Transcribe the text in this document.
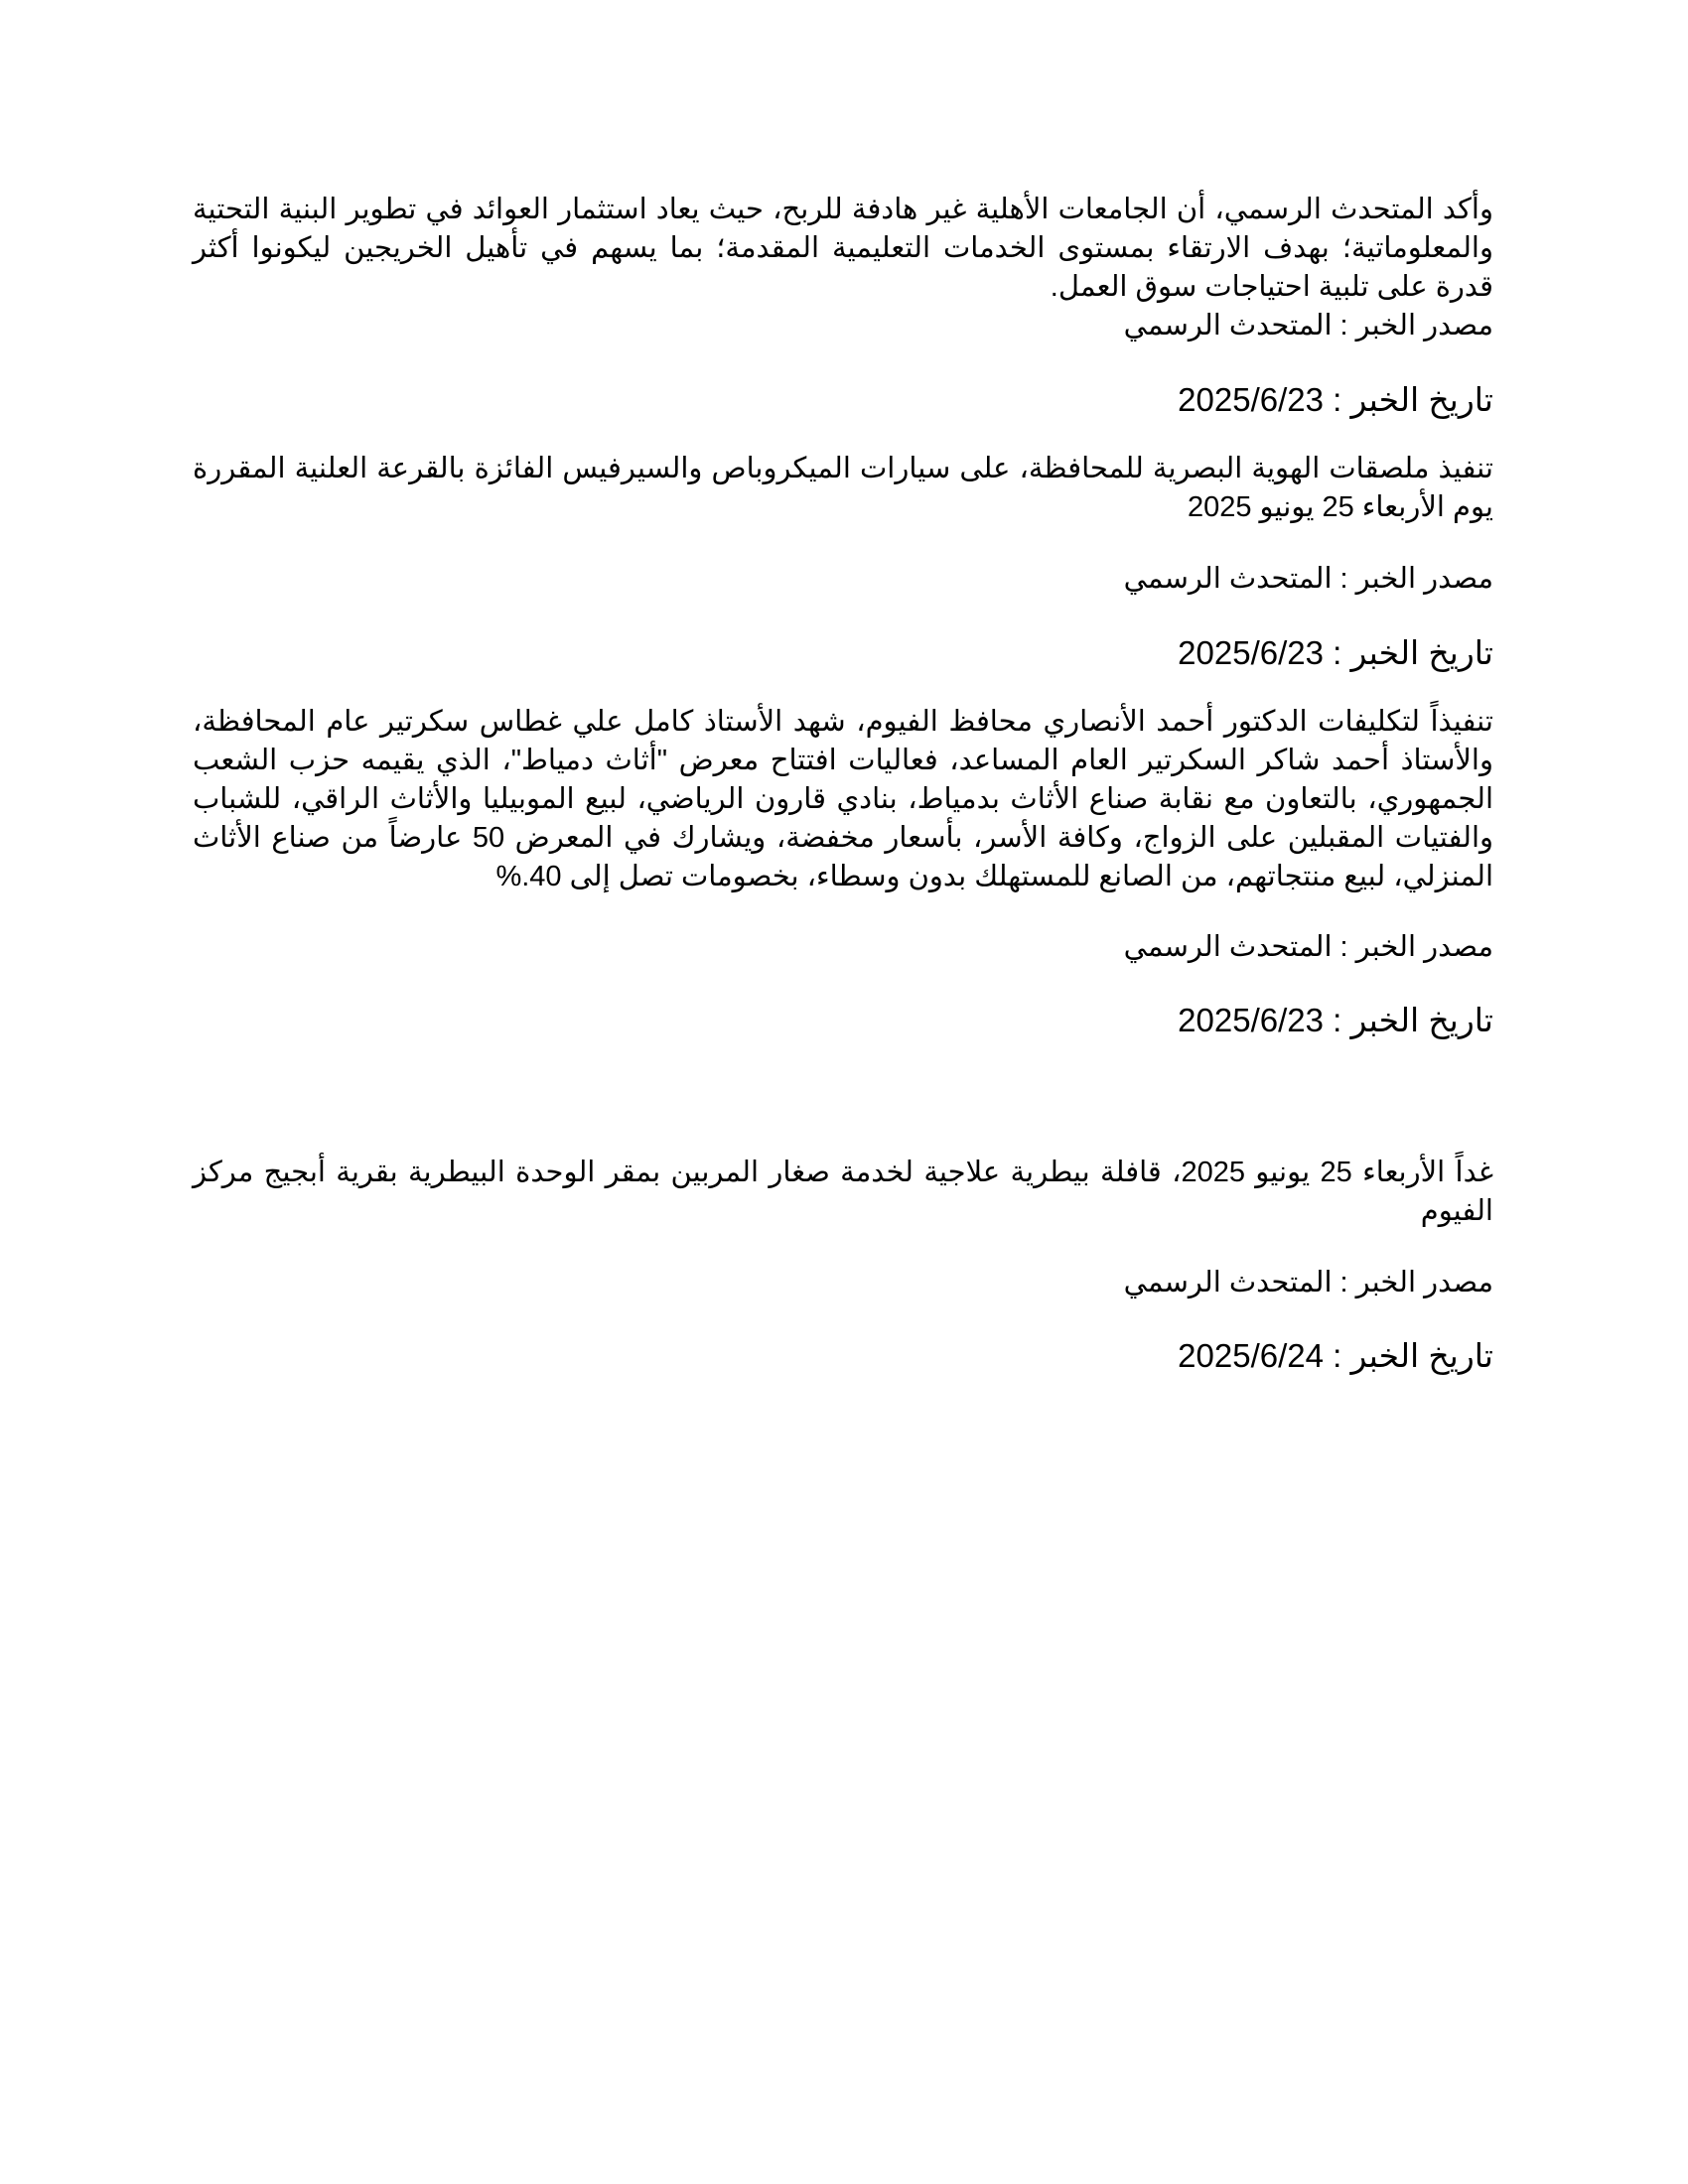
وأكد المتحدث الرسمي، أن الجامعات الأهلية غير هادفة للربح، حيث يعاد استثمار العوائد في تطوير البنية التحتية والمعلوماتية؛ بهدف الارتقاء بمستوى الخدمات التعليمية المقدمة؛ بما يسهم في تأهيل الخريجين ليكونوا أكثر قدرة على تلبية احتياجات سوق العمل.

مصدر الخبر : المتحدث الرسمي

تاريخ الخبر : 2025/6/23

تنفيذ ملصقات الهوية البصرية للمحافظة، على سيارات الميكروباص والسيرفيس الفائزة بالقرعة العلنية المقررة يوم الأربعاء 25 يونيو 2025

مصدر الخبر : المتحدث الرسمي

تاريخ الخبر : 2025/6/23

تنفيذاً لتكليفات الدكتور أحمد الأنصاري محافظ الفيوم، شهد الأستاذ كامل علي غطاس سكرتير عام المحافظة، والأستاذ أحمد شاكر السكرتير العام المساعد، فعاليات افتتاح معرض "أثاث دمياط"، الذي يقيمه حزب الشعب الجمهوري، بالتعاون مع نقابة صناع الأثاث بدمياط، بنادي قارون الرياضي، لبيع الموبيليا والأثاث الراقي، للشباب والفتيات المقبلين على الزواج، وكافة الأسر، بأسعار مخفضة، ويشارك في المعرض 50 عارضاً من صناع الأثاث المنزلي، لبيع منتجاتهم، من الصانع للمستهلك بدون وسطاء، بخصومات تصل إلى 40.%

مصدر الخبر : المتحدث الرسمي

تاريخ الخبر : 2025/6/23

غداً الأربعاء 25 يونيو 2025، قافلة بيطرية علاجية لخدمة صغار المربين بمقر الوحدة البيطرية بقرية أبجيج مركز الفيوم

مصدر الخبر : المتحدث الرسمي

تاريخ الخبر : 2025/6/24
